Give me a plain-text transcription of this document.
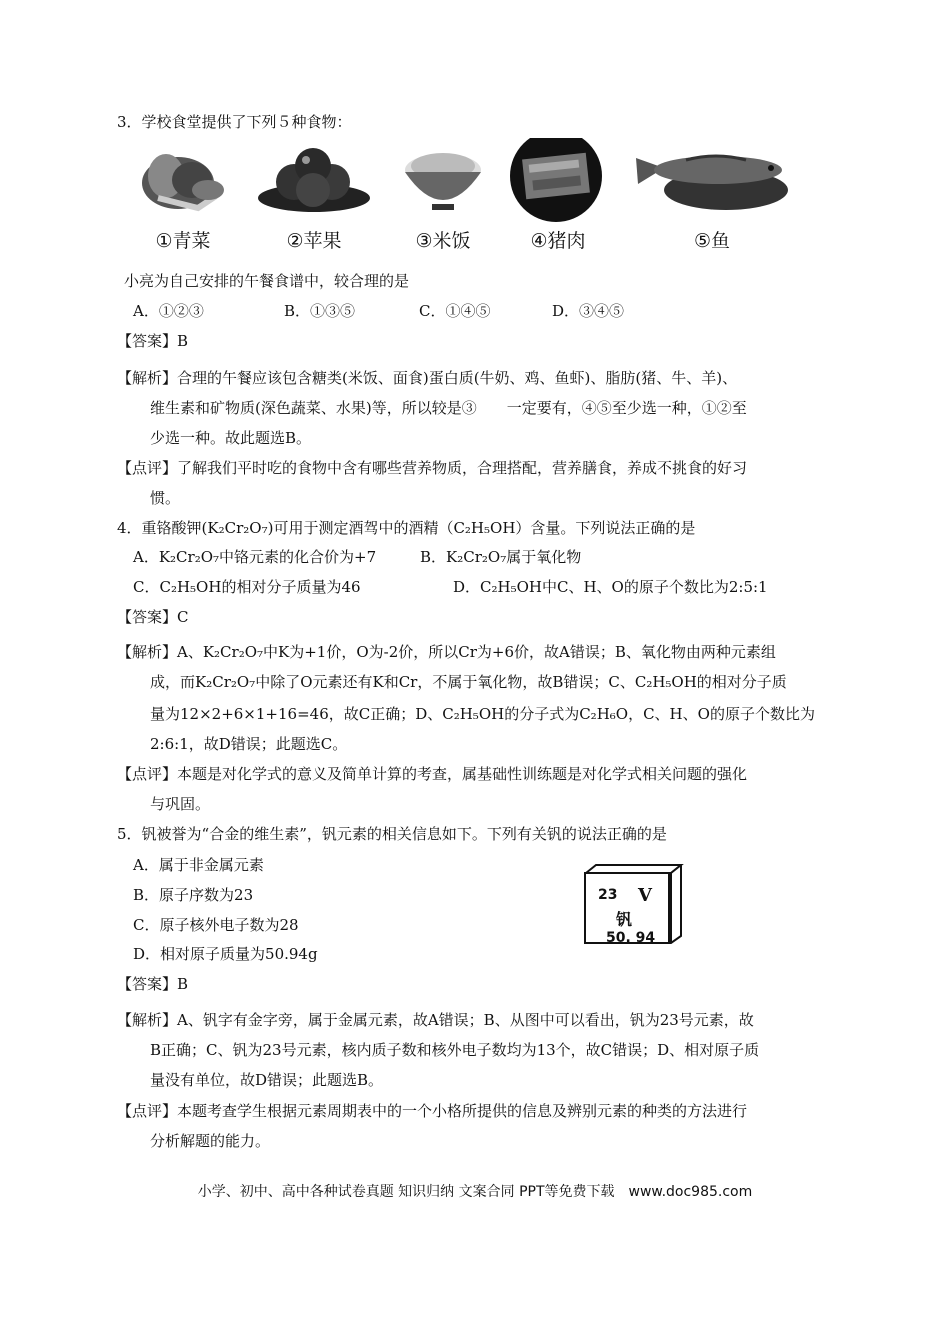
3．学校食堂提供了下列５种食物：
①青菜	②苹果	③米饭	④猪肉	⑤鱼
小亮为自己安排的午餐食谱中，较合理的是
A．①②③	B．①③⑤	C．①④⑤	D．③④⑤
【答案】B
【解析】合理的午餐应该包含糖类(米饭、面食)蛋白质(牛奶、鸡、鱼虾)、脂肪(猪、牛、羊)、
维生素和矿物质(深色蔬菜、水果)等，所以较是③　　一定要有，④⑤至少选一种，①②至
少选一种。故此题选B。
【点评】了解我们平时吃的食物中含有哪些营养物质，合理搭配，营养膳食，养成不挑食的好习
惯。
4．重铬酸钾(K₂Cr₂O₇)可用于测定酒驾中的酒精（C₂H₅OH）含量。下列说法正确的是
A．K₂Cr₂O₇中铬元素的化合价为+7	B．K₂Cr₂O₇属于氧化物
C．C₂H₅OH的相对分子质量为46	D．C₂H₅OH中C、H、O的原子个数比为2:5:1
【答案】C
【解析】A、K₂Cr₂O₇中K为+1价，O为-2价，所以Cr为+6价，故A错误；B、氧化物由两种元素组
成，而K₂Cr₂O₇中除了O元素还有K和Cr，不属于氧化物，故B错误；C、C₂H₅OH的相对分子质
量为12×2+6×1+16=46，故C正确；D、C₂H₅OH的分子式为C₂H₆O，C、H、O的原子个数比为
2:6:1，故D错误；此题选C。
【点评】本题是对化学式的意义及简单计算的考查，属基础性训练题是对化学式相关问题的强化
与巩固。
5．钒被誉为“合金的维生素”，钒元素的相关信息如下。下列有关钒的说法正确的是
A．属于非金属元素
B．原子序数为23
C．原子核外电子数为28
D．相对原子质量为50.94g
23 V
钒
50. 94
【答案】B
【解析】A、钒字有金字旁，属于金属元素，故A错误；B、从图中可以看出，钒为23号元素，故
B正确；C、钒为23号元素，核内质子数和核外电子数均为13个，故C错误；D、相对原子质
量没有单位，故D错误；此题选B。
【点评】本题考查学生根据元素周期表中的一个小格所提供的信息及辨别元素的种类的方法进行
分析解题的能力。
小学、初中、高中各种试卷真题 知识归纳 文案合同 PPT等免费下载　www.doc985.com
